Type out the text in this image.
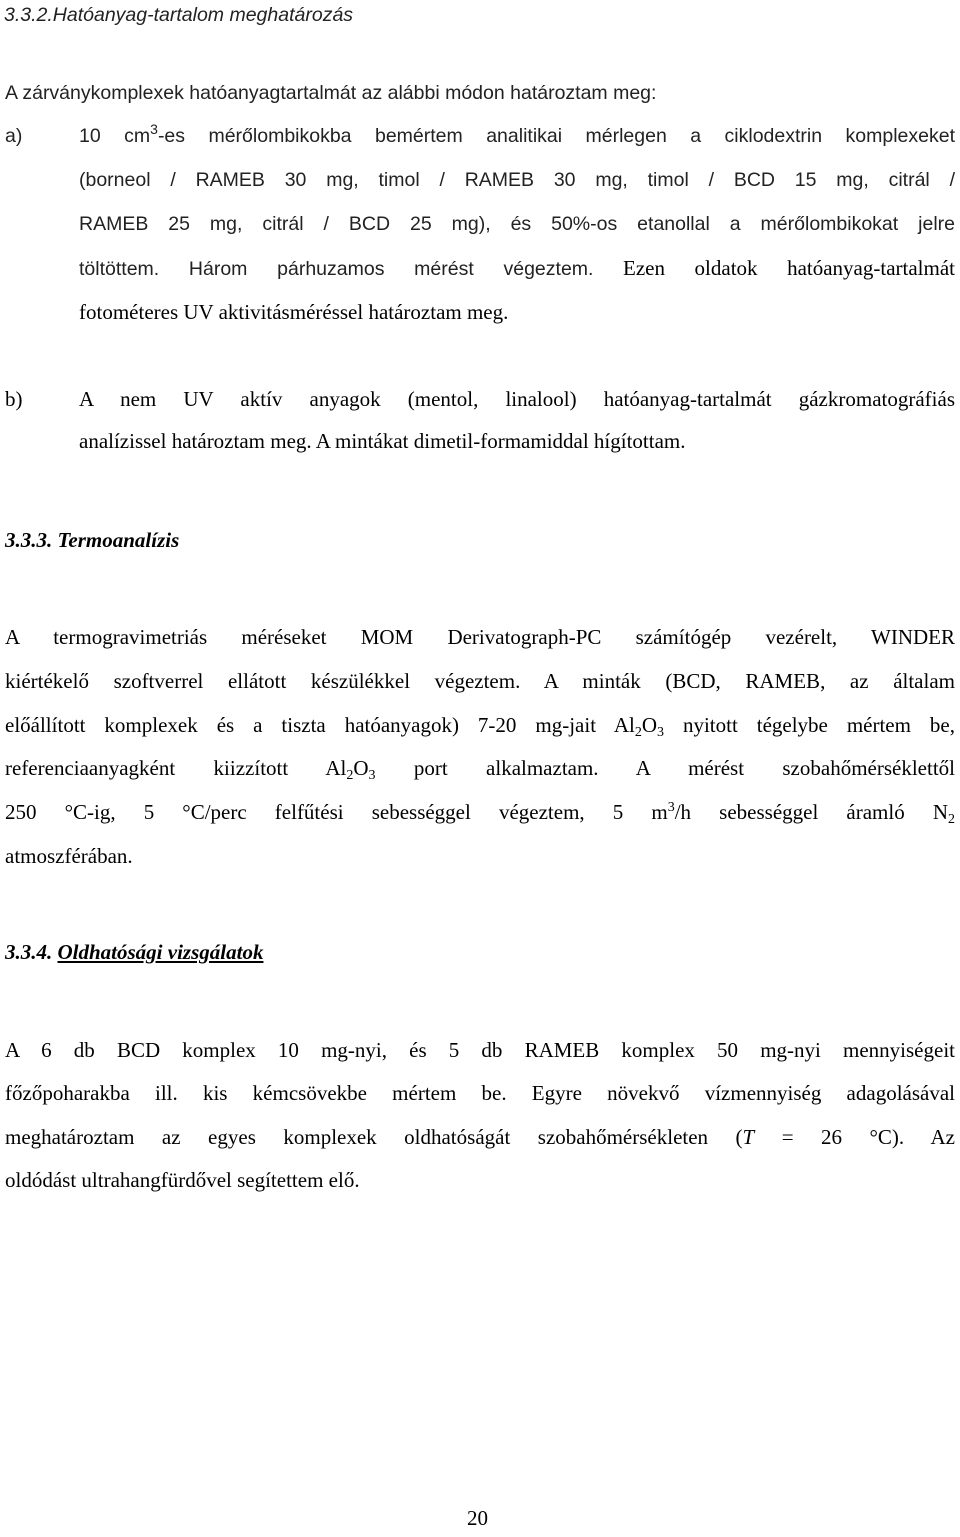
3.3.2.Hatóanyag-tartalom meghatározás
A zárványkomplexek hatóanyagtartalmát az alábbi módon határoztam meg:
a)	10 $cm^3-es$ mérőlombikokba bemértem analitikai mérlegen a ciklodextrin komplexeket
(borneol / RAMEB 30 mg, timol / RAMEB 30 mg, timol / BCD 15 mg, citrál /
RAMEB 25 mg, citrál / BCD 25 mg), és 50%-os etanollal a mérőlombikokat jelre
töltöttem. Három párhuzamos mérést végeztem. Ezen oldatok hatóanyag-tartalmát
fotométeres UV aktivitásméréssel határoztam meg.
b)	A nem UV aktív anyagok (mentol, linalool) hatóanyag-tartalmát gázkromatográfiás
analízissel határoztam meg. A mintákat dimetil-formamiddal hígítottam.
3.3.3. Termoanalízis
A termogravimetriás méréseket MOM Derivatograph-PC számítógép vezérelt, WINDER
kiértékelő szoftverrel ellátott készülékkel végeztem. A minták (BCD, RAMEB, az általam
előállított komplexek és a tiszta hatóanyagok) 7-20 mg-jait $Al_2O_3$ nyitott tégelybe mértem be,
referenciaanyagként kiizzított $Al_2O_3$ port alkalmaztam. A mérést szobahőmérséklettől
250 °C-ig, 5 °C/perc felfűtési sebességgel végeztem, 5 $m^3/h$ sebességgel áramló $N_2$
atmoszférában.
3.3.4. Oldhatósági vizsgálatok
A 6 db BCD komplex 10 mg-nyi, és 5 db RAMEB komplex 50 mg-nyi mennyiségeit
főzőpoharakba ill. kis kémcsövekbe mértem be. Egyre növekvő vízmennyiség adagolásával
meghatároztam az egyes komplexek oldhatóságát szobahőmérsékleten (T = 26 °C). Az
oldódást ultrahangfürdővel segítettem elő.
20
